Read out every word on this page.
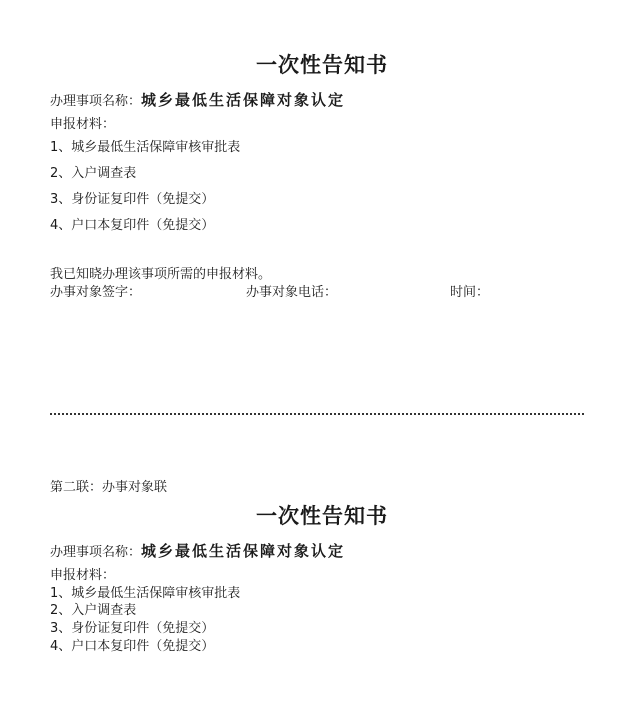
一次性告知书
办理事项名称：城乡最低生活保障对象认定
申报材料：
1、城乡最低生活保障审核审批表
2、入户调查表
3、身份证复印件（免提交）
4、户口本复印件（免提交）
我已知晓办理该事项所需的申报材料。
办事对象签字：	办事对象电话：	时间：
第二联：办事对象联
一次性告知书
办理事项名称：城乡最低生活保障对象认定
申报材料：
1、城乡最低生活保障审核审批表
2、入户调查表
3、身份证复印件（免提交）
4、户口本复印件（免提交）
